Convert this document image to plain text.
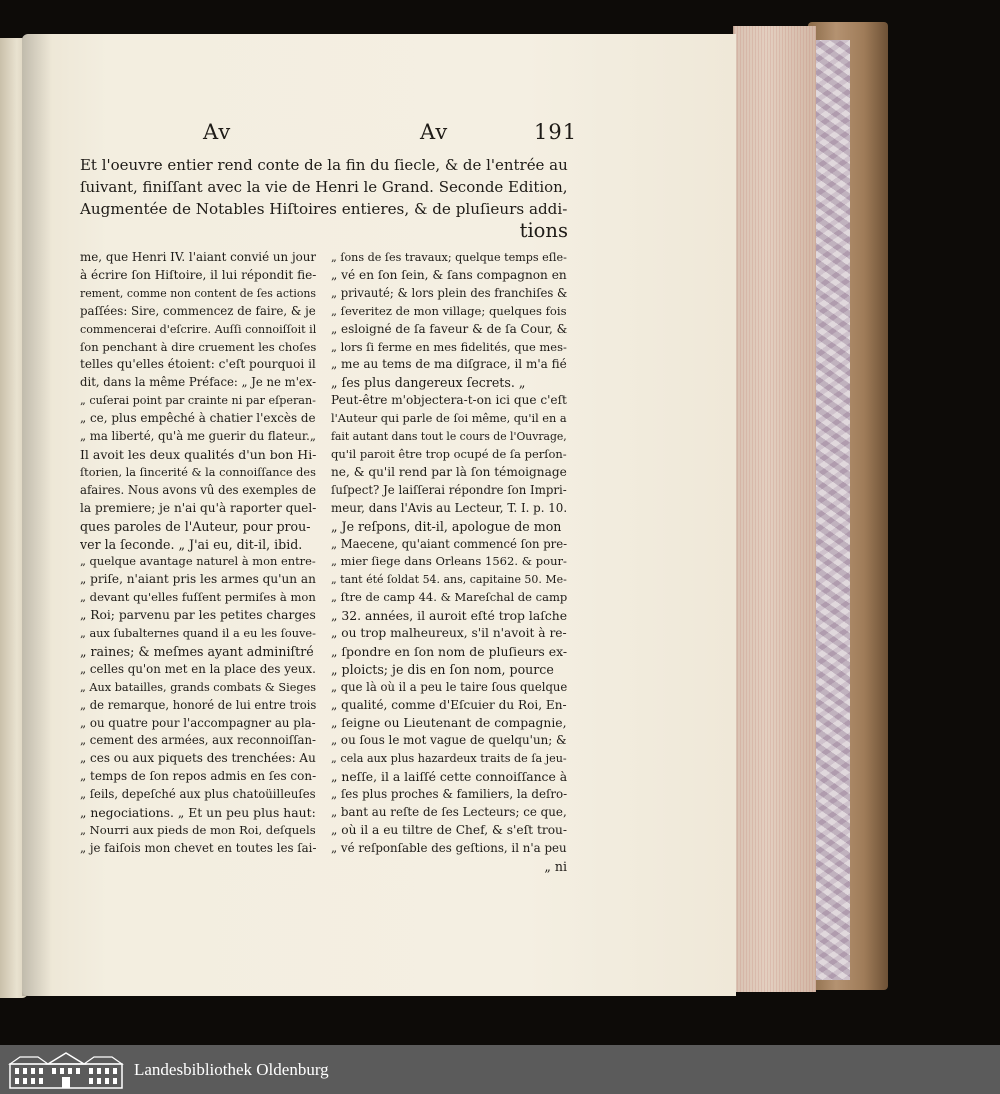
Av	Av	191
Et l'oeuvre entier rend conte de la fin du ſiecle, & de l'entrée au
ſuivant, finiſſant avec la vie de Henri le Grand. Seconde Edition,
Augmentée de Notables Hiſtoires entieres, & de pluſieurs addi-
tions
me, que Henri IV. l'aiant convié un jour
à écrire ſon Hiſtoire, il lui répondit fie-
rement, comme non content de ſes actions
paſſées: Sire, commencez de faire, & je
commencerai d'eſcrire. Auſſi connoiſſoit il
ſon penchant à dire cruement les choſes
telles qu'elles étoient: c'eſt pourquoi il
dit, dans la même Préface: „ Je ne m'ex-
„ cuſerai point par crainte ni par eſperan-
„ ce, plus empêché à chatier l'excès de
„ ma liberté, qu'à me guerir du flateur.„
Il avoit les deux qualités d'un bon Hi-
ſtorien, la ſincerité & la connoiſſance des
afaires. Nous avons vû des exemples de
la premiere; je n'ai qu'à raporter quel-
ques paroles de l'Auteur, pour prou-
ver la ſeconde. „ J'ai eu, dit-il, ibid.
„ quelque avantage naturel à mon entre-
„ priſe, n'aiant pris les armes qu'un an
„ devant qu'elles fuſſent permiſes à mon
„ Roi; parvenu par les petites charges
„ aux ſubalternes quand il a eu les ſouve-
„ raines; & meſmes ayant adminiſtré
„ celles qu'on met en la place des yeux.
„ Aux batailles, grands combats & Sieges
„ de remarque, honoré de lui entre trois
„ ou quatre pour l'accompagner au pla-
„ cement des armées, aux reconnoiſſan-
„ ces ou aux piquets des trenchées: Au
„ temps de ſon repos admis en ſes con-
„ ſeils, depeſché aux plus chatoüilleuſes
„ negociations. „ Et un peu plus haut:
„ Nourri aux pieds de mon Roi, deſquels
„ je faiſois mon chevet en toutes les ſai-
„ ſons de ſes travaux; quelque temps eſle-
„ vé en ſon ſein, & ſans compagnon en
„ privauté; & lors plein des franchiſes &
„ ſeveritez de mon village; quelques fois
„ esloigné de ſa faveur & de ſa Cour, &
„ lors ſi ferme en mes fidelités, que mes-
„ me au tems de ma diſgrace, il m'a fié
„ ſes plus dangereux ſecrets. „
Peut-être m'objectera-t-on ici que c'eſt
l'Auteur qui parle de ſoi même, qu'il en a
fait autant dans tout le cours de l'Ouvrage,
qu'il paroit être trop ocupé de ſa perſon-
ne, & qu'il rend par là ſon témoignage
ſuſpect? Je laiſſerai répondre ſon Impri-
meur, dans l'Avis au Lecteur, T. I. p. 10.
„ Je reſpons, dit-il, apologue de mon
„ Maecene, qu'aiant commencé ſon pre-
„ mier ſiege dans Orleans 1562. & pour-
„ tant été ſoldat 54. ans, capitaine 50. Me-
„ ſtre de camp 44. & Mareſchal de camp
„ 32. années, il auroit eſté trop laſche
„ ou trop malheureux, s'il n'avoit à re-
„ ſpondre en ſon nom de pluſieurs ex-
„ ploicts; je dis en ſon nom, pource
„ que là où il a peu le taire ſous quelque
„ qualité, comme d'Eſcuier du Roi, En-
„ ſeigne ou Lieutenant de compagnie,
„ ou ſous le mot vague de quelqu'un; &
„ cela aux plus hazardeux traits de ſa jeu-
„ neſſe, il a laiſſé cette connoiſſance à
„ ſes plus proches & familiers, la deſro-
„ bant au reſte de ſes Lecteurs; ce que,
„ où il a eu tiltre de Chef, & s'eſt trou-
„ vé reſponſable des geſtions, il n'a peu
„ ni
Landesbibliothek Oldenburg
